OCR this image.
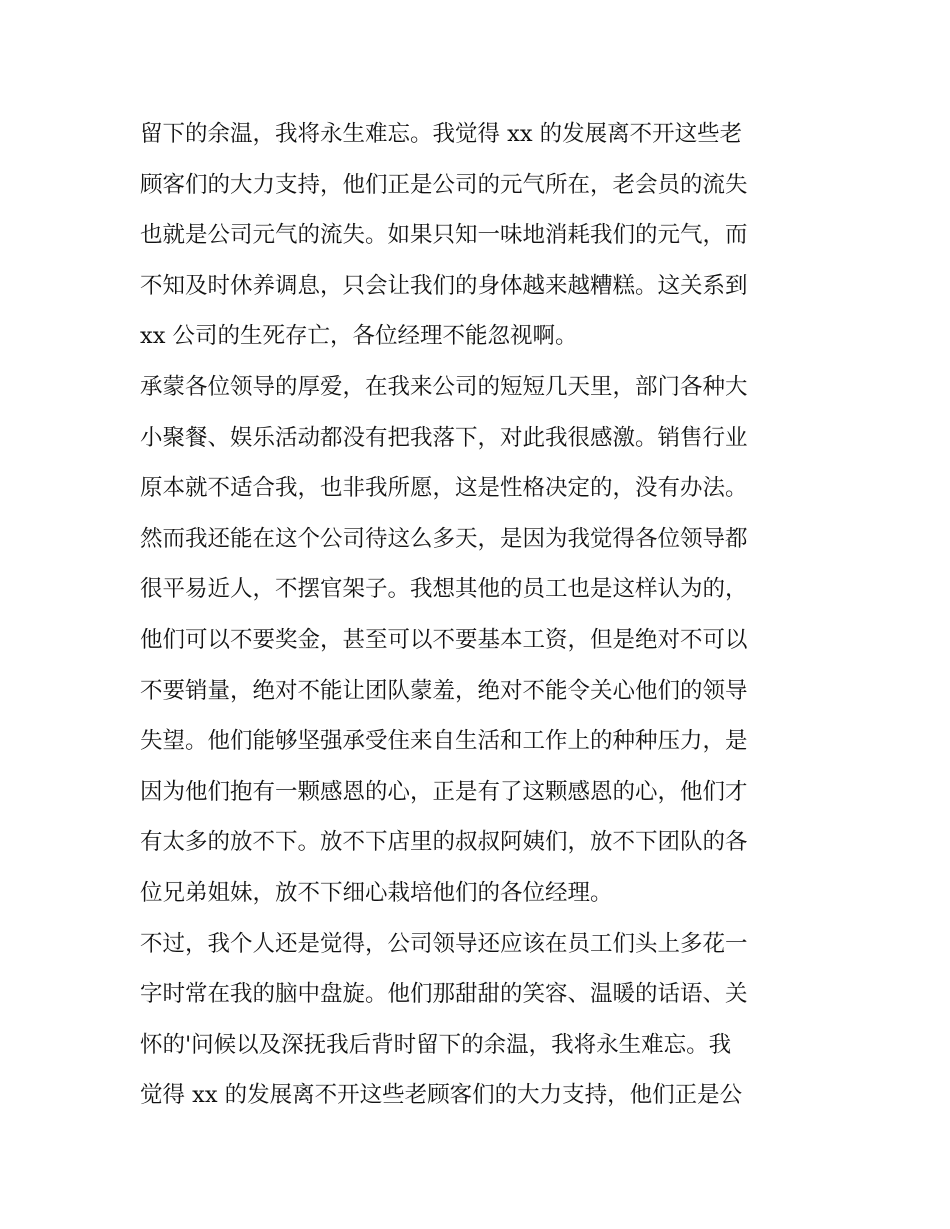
留下的余温，我将永生难忘。我觉得 xx 的发展离不开这些老
顾客们的大力支持，他们正是公司的元气所在，老会员的流失
也就是公司元气的流失。如果只知一味地消耗我们的元气，而
不知及时休养调息，只会让我们的身体越来越糟糕。这关系到
xx 公司的生死存亡，各位经理不能忽视啊。
承蒙各位领导的厚爱，在我来公司的短短几天里，部门各种大
小聚餐、娱乐活动都没有把我落下，对此我很感激。销售行业
原本就不适合我，也非我所愿，这是性格决定的，没有办法。
然而我还能在这个公司待这么多天，是因为我觉得各位领导都
很平易近人，不摆官架子。我想其他的员工也是这样认为的，
他们可以不要奖金，甚至可以不要基本工资，但是绝对不可以
不要销量，绝对不能让团队蒙羞，绝对不能令关心他们的领导
失望。他们能够坚强承受住来自生活和工作上的种种压力，是
因为他们抱有一颗感恩的心，正是有了这颗感恩的心，他们才
有太多的放不下。放不下店里的叔叔阿姨们，放不下团队的各
位兄弟姐妹，放不下细心栽培他们的各位经理。
不过，我个人还是觉得，公司领导还应该在员工们头上多花一
字时常在我的脑中盘旋。他们那甜甜的笑容、温暖的话语、关
怀的'问候以及深抚我后背时留下的余温，我将永生难忘。我
觉得 xx 的发展离不开这些老顾客们的大力支持，他们正是公
